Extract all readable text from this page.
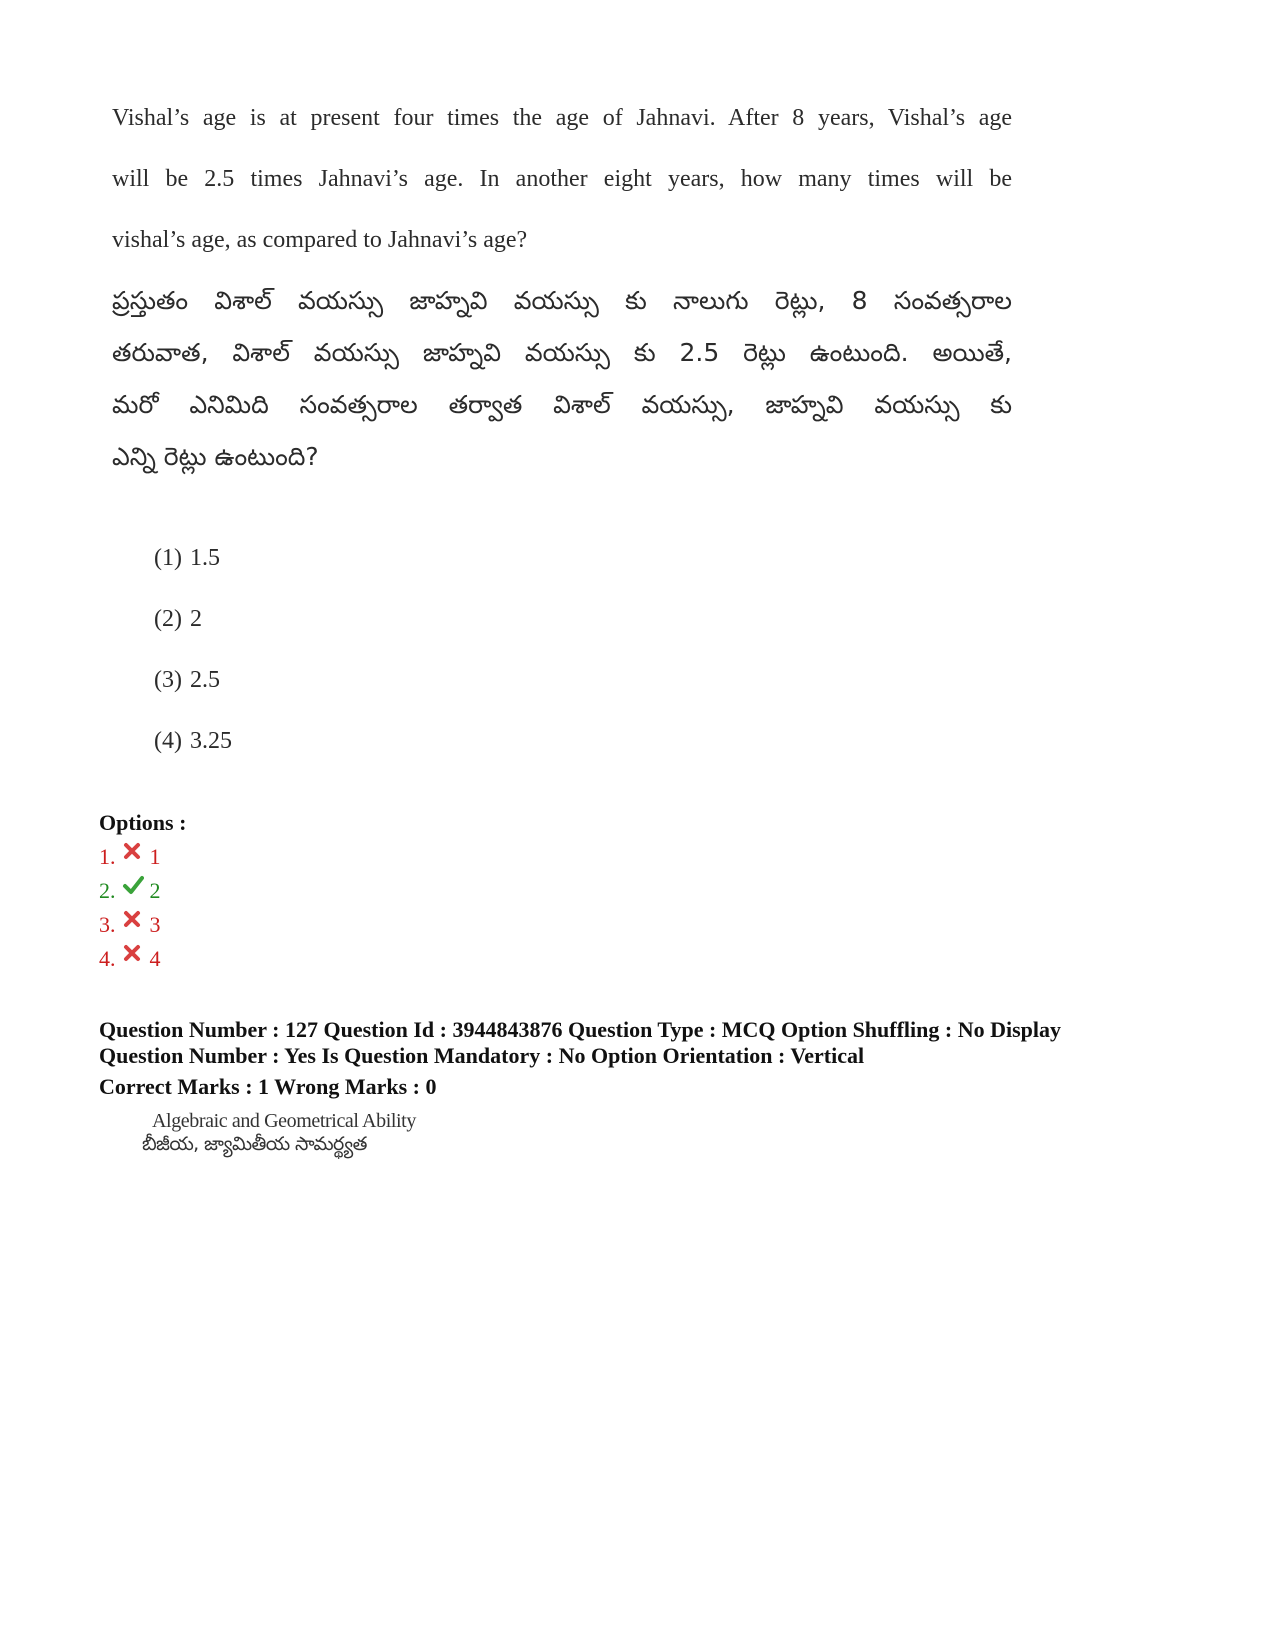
Vishal’s age is at present four times the age of Jahnavi. After 8 years, Vishal’s age
will be 2.5 times Jahnavi’s age. In another eight years, how many times will be
vishal’s age, as compared to Jahnavi’s age?
ప్రస్తుతం విశాల్ వయస్సు జాహ్నవి వయస్సు కు నాలుగు రెట్లు, 8 సంవత్సరాల
తరువాత, విశాల్ వయస్సు జాహ్నవి వయస్సు కు 2.5 రెట్లు ఉంటుంది. అయితే,
మరో ఎనిమిది సంవత్సరాల తర్వాత విశాల్ వయస్సు, జాహ్నవి వయస్సు కు
ఎన్ని రెట్లు ఉంటుంది?
(1) 1.5
(2) 2
(3) 2.5
(4) 3.25
Options :
1. 1
2. 2
3. 3
4. 4
Question Number : 127 Question Id : 3944843876 Question Type : MCQ Option Shuffling : No Display
Question Number : Yes Is Question Mandatory : No Option Orientation : Vertical
Correct Marks : 1 Wrong Marks : 0
Algebraic and Geometrical Ability
బీజీయ, జ్యామితీయ సామర్థ్యత
